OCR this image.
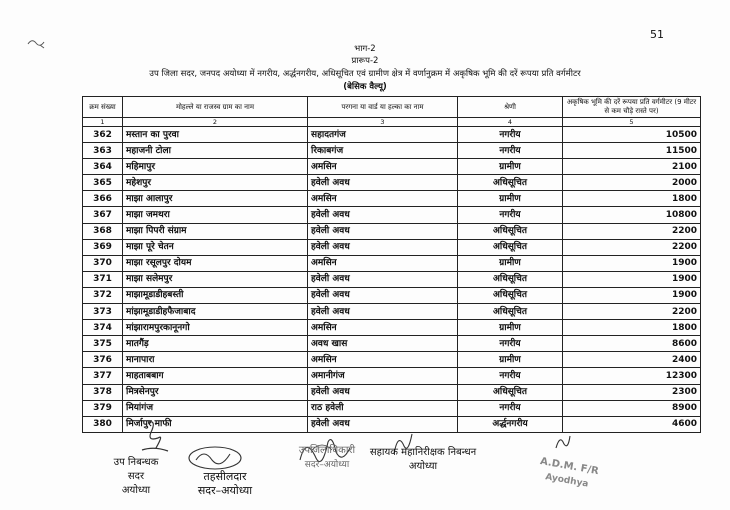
51
भाग-2
प्रारूप-2
उप जिला सदर, जनपद अयोध्या में नगरीय, अर्द्धनगरीय, अधिसूचित एवं ग्रामीण क्षेत्र में वर्णानुक्रम में अकृषिक भूमि की दरें रूपया प्रति वर्गमीटर
(बेसिक वैल्यू)
क्रम संख्या	मोहल्ले या राजस्व ग्राम का नाम	परगना या वार्ड या हल्का का नाम	श्रेणी	अकृषिक भूमि की दरें रूपया प्रति वर्गमीटर (9 मीटर से कम चौड़े रास्ते पर)
1	2	3	4	5
362	मस्तान का पुरवा	सहादतगंज	नगरीय	10500
363	महाजनी टोला	रिकाबगंज	नगरीय	11500
364	महिमापुर	अमसिन	ग्रामीण	2100
365	महेशपुर	हवेली अवध	अधिसूचित	2000
366	माझा आलापुर	अमसिन	ग्रामीण	1800
367	माझा जमथरा	हवेली अवध	नगरीय	10800
368	माझा पिपरी संग्राम	हवेली अवध	अधिसूचित	2200
369	माझा पूरे चेतन	हवेली अवध	अधिसूचित	2200
370	माझा रसूलपुर दोयम	अमसिन	ग्रामीण	1900
371	माझा सलेमपुर	हवेली अवध	अधिसूचित	1900
372	माझामूडाडीहबस्ती	हवेली अवध	अधिसूचित	1900
373	मांझामूडाडीहफैजाबाद	हवेली अवध	अधिसूचित	2200
374	मांझारामपुरकानूनगो	अमसिन	ग्रामीण	1800
375	मातगैंड़	अवध खास	नगरीय	8600
376	मानापारा	अमसिन	ग्रामीण	2400
377	माहताबबाग	अमानीगंज	नगरीय	12300
378	मित्रसेनपुर	हवेली अवध	अधिसूचित	2300
379	मियांगंज	राठ हवेली	नगरीय	8900
380	मिर्जापुर माफी	हवेली अवध	अर्द्धनगरीय	4600
उप निबन्धक
सदर
अयोध्या
तहसीलदार
सदर–अयोध्या
उपजिलाधिकारी
सदर–अयोध्या
सहायक महानिरीक्षक निबन्धन
अयोध्या	A.D.M. F/R
Ayodhya
